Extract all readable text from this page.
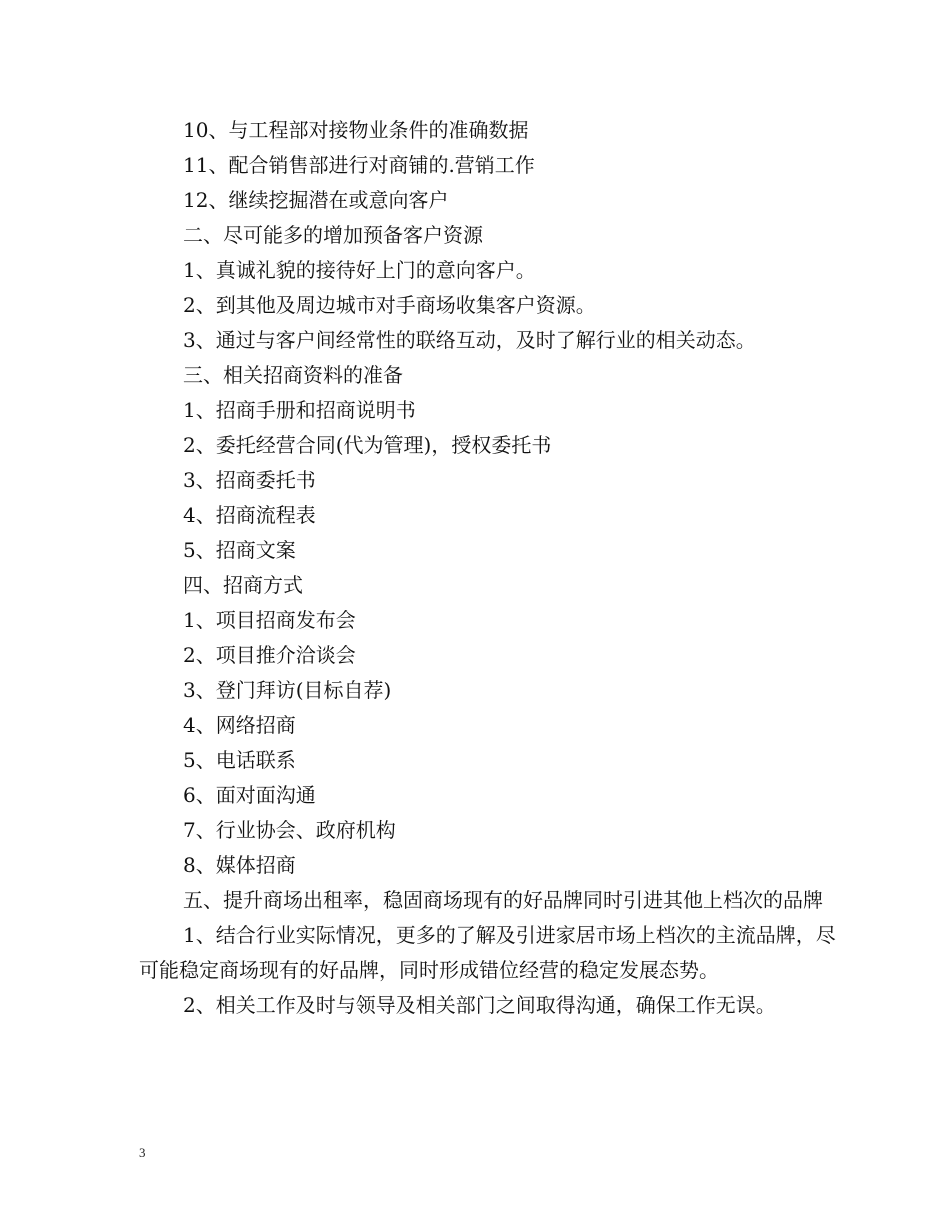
10、与工程部对接物业条件的准确数据

11、配合销售部进行对商铺的.营销工作

12、继续挖掘潜在或意向客户

二、尽可能多的增加预备客户资源

1、真诚礼貌的接待好上门的意向客户。

2、到其他及周边城市对手商场收集客户资源。

3、通过与客户间经常性的联络互动，及时了解行业的相关动态。

三、相关招商资料的准备

1、招商手册和招商说明书

2、委托经营合同(代为管理)，授权委托书

3、招商委托书

4、招商流程表

5、招商文案

四、招商方式

1、项目招商发布会

2、项目推介洽谈会

3、登门拜访(目标自荐)

4、网络招商

5、电话联系

6、面对面沟通

7、行业协会、政府机构

8、媒体招商

五、提升商场出租率，稳固商场现有的好品牌同时引进其他上档次的品牌

1、结合行业实际情况，更多的了解及引进家居市场上档次的主流品牌，尽可能稳定商场现有的好品牌，同时形成错位经营的稳定发展态势。

2、相关工作及时与领导及相关部门之间取得沟通，确保工作无误。

3
